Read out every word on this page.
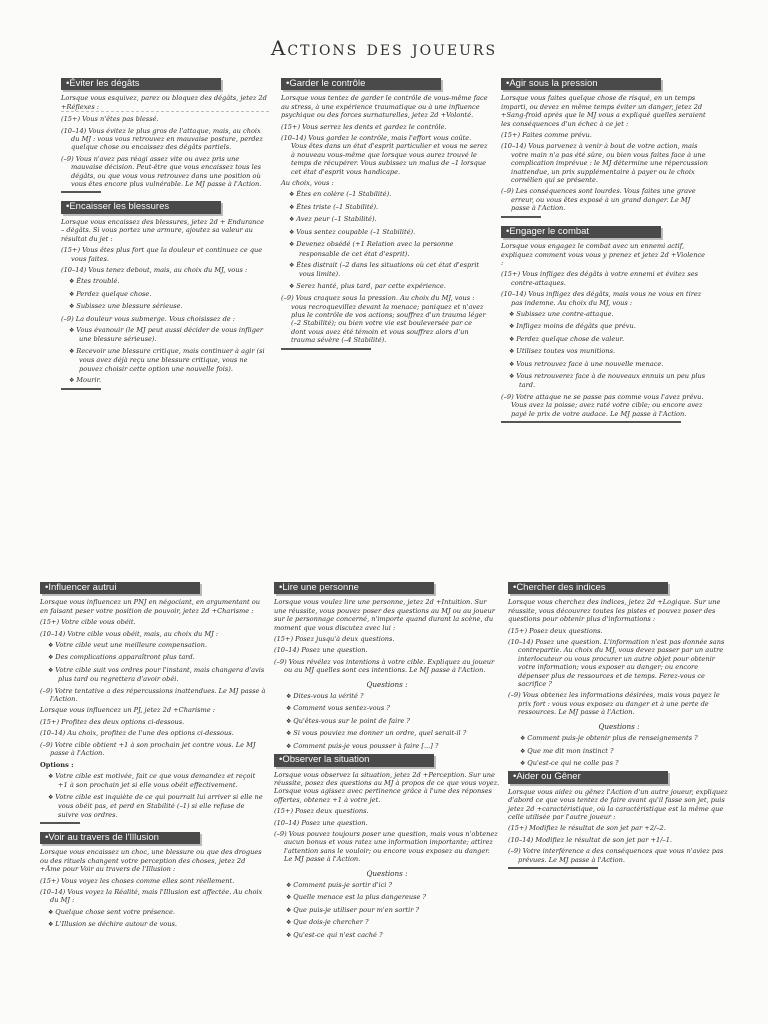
Actions des joueurs
•Éviter les dégâts
Lorsque vous esquivez, parez ou bloquez des dégâts, jetez 2d +Réflexes :
(15+) Vous n'êtes pas blessé.
(10–14) Vous évitez le plus gros de l'attaque, mais, au choix du MJ : vous vous retrouvez en mauvaise posture, perdez quelque chose ou encaissez des dégâts partiels.
(–9) Vous n'avez pas réagi assez vite ou avez pris une mauvaise décision. Peut-être que vous encaissez tous les dégâts, ou que vous vous retrouvez dans une position où vous êtes encore plus vulnérable. Le MJ passe à l'Action.
•Encaisser les blessures
Lorsque vous encaissez des blessures, jetez 2d + Endurance – dégâts. Si vous portez une armure, ajoutez sa valeur au résultat du jet :
(15+) Vous êtes plus fort que la douleur et continuez ce que vous faites.
(10–14) Vous tenez debout, mais, au choix du MJ, vous :
❖ Êtes troublé.
❖ Perdez quelque chose.
❖ Subissez une blessure sérieuse.
(–9) La douleur vous submerge. Vous choisissez de :
❖ Vous évanouir (le MJ peut aussi décider de vous infliger une blessure sérieuse).
❖ Recevoir une blessure critique, mais continuer à agir (si vous avez déjà reçu une blessure critique, vous ne pouvez choisir cette option une nouvelle fois).
❖ Mourir.
•Garder le contrôle
Lorsque vous tentez de garder le contrôle de vous-même face au stress, à une expérience traumatique ou à une influence psychique ou des forces surnaturelles, jetez 2d +Volonté.
(15+) Vous serrez les dents et gardez le contrôle.
(10–14) Vous gardez le contrôle, mais l'effort vous coûte. Vous êtes dans un état d'esprit particulier et vous ne serez à nouveau vous-même que lorsque vous aurez trouvé le temps de récupérer. Vous subissez un malus de –1 lorsque cet état d'esprit vous handicape.
Au choix, vous :
❖ Êtes en colère (–1 Stabilité).
❖ Êtes triste (–1 Stabilité).
❖ Avez peur (–1 Stabilité).
❖ Vous sentez coupable (–1 Stabilité).
❖ Devenez obsédé (+1 Relation avec la personne responsable de cet état d'esprit).
❖ Êtes distrait (–2 dans les situations où cet état d'esprit vous limite).
❖ Serez hanté, plus tard, par cette expérience.
(–9) Vous craquez sous la pression. Au choix du MJ, vous : vous recroquevillez devant la menace; paniquez et n'avez plus le contrôle de vos actions; souffrez d'un trauma léger (–2 Stabilité); ou bien votre vie est bouleversée par ce dont vous avez été témoin et vous souffrez alors d'un trauma sévère (–4 Stabilité).
•Agir sous la pression
Lorsque vous faites quelque chose de risqué, en un temps imparti, ou devez en même temps éviter un danger, jetez 2d +Sang-froid après que le MJ vous a expliqué quelles seraient les conséquences d'un échec à ce jet :
(15+) Faites comme prévu.
(10–14) Vous parvenez à venir à bout de votre action, mais votre main n'a pas été sûre, ou bien vous faites face à une complication imprévue : le MJ détermine une répercussion inattendue, un prix supplémentaire à payer ou le choix cornélien qui se présente.
(–9) Les conséquences sont lourdes. Vous faites une grave erreur, ou vous êtes exposé à un grand danger. Le MJ passe à l'Action.
•Engager le combat
Lorsque vous engagez le combat avec un ennemi actif, expliquez comment vous vous y prenez et jetez 2d +Violence :
(15+) Vous infligez des dégâts à votre ennemi et évitez ses contre-attaques.
(10–14) Vous infligez des dégâts, mais vous ne vous en tirez pas indemne. Au choix du MJ, vous :
❖ Subissez une contre-attaque.
❖ Infligez moins de dégâts que prévu.
❖ Perdez quelque chose de valeur.
❖ Utilisez toutes vos munitions.
❖ Vous retrouvez face à une nouvelle menace.
❖ Vous retrouverez face à de nouveaux ennuis un peu plus tard.
(–9) Votre attaque ne se passe pas comme vous l'avez prévu. Vous avez la poisse; avez raté votre cible; ou encore avez payé le prix de votre audace. Le MJ passe à l'Action.
•Influencer autrui
Lorsque vous influencez un PNJ en négociant, en argumentant ou en faisant peser votre position de pouvoir, jetez 2d +Charisme :
(15+) Votre cible vous obéit.
(10–14) Votre cible vous obéit, mais, au choix du MJ :
❖ Votre cible veut une meilleure compensation.
❖ Des complications apparaîtront plus tard.
❖ Votre cible suit vos ordres pour l'instant, mais changera d'avis plus tard ou regrettera d'avoir obéi.
(–9) Votre tentative a des répercussions inattendues. Le MJ passe à l'Action.
Lorsque vous influencez un PJ, jetez 2d +Charisme :
(15+) Profitez des deux options ci-dessous.
(10–14) Au choix, profitez de l'une des options ci-dessous.
(–9) Votre cible obtient +1 à son prochain jet contre vous. Le MJ passe à l'Action.
Options :
❖ Votre cible est motivée, fait ce que vous demandez et reçoit +1 à son prochain jet si elle vous obéit effectivement.
❖ Votre cible est inquiète de ce qui pourrait lui arriver si elle ne vous obéit pas, et perd en Stabilité (–1) si elle refuse de suivre vos ordres.
•Voir au travers de l'Illusion
Lorsque vous encaissez un choc, une blessure ou que des drogues ou des rituels changent votre perception des choses, jetez 2d +Âme pour Voir au travers de l'Illusion :
(15+) Vous voyez les choses comme elles sont réellement.
(10–14) Vous voyez la Réalité, mais l'Illusion est affectée. Au choix du MJ :
❖ Quelque chose sent votre présence.
❖ L'Illusion se déchire autour de vous.
•Lire une personne
Lorsque vous voulez lire une personne, jetez 2d +Intuition. Sur une réussite, vous pouvez poser des questions au MJ ou au joueur sur le personnage concerné, n'importe quand durant la scène, du moment que vous discutez avec lui :
(15+) Posez jusqu'à deux questions.
(10–14) Posez une question.
(–9) Vous révélez vos intentions à votre cible. Expliquez au joueur ou au MJ quelles sont ces intentions. Le MJ passe à l'Action.
Questions :
❖ Dites-vous la vérité ?
❖ Comment vous sentez-vous ?
❖ Qu'êtes-vous sur le point de faire ?
❖ Si vous pouviez me donner un ordre, quel serait-il ?
❖ Comment puis-je vous pousser à faire [...] ?
•Observer la situation
Lorsque vous observez la situation, jetez 2d +Perception. Sur une réussite, posez des questions au MJ à propos de ce que vous voyez. Lorsque vous agissez avec pertinence grâce à l'une des réponses offertes, obtenez +1 à votre jet.
(15+) Posez deux questions.
(10–14) Posez une question.
(–9) Vous pouvez toujours poser une question, mais vous n'obtenez aucun bonus et vous ratez une information importante; attirez l'attention sans le vouloir; ou encore vous exposez au danger. Le MJ passe à l'Action.
Questions :
❖ Comment puis-je sortir d'ici ?
❖ Quelle menace est la plus dangereuse ?
❖ Que puis-je utiliser pour m'en sortir ?
❖ Que dois-je chercher ?
❖ Qu'est-ce qui n'est caché ?
•Chercher des indices
Lorsque vous cherchez des indices, jetez 2d +Logique. Sur une réussite, vous découvrez toutes les pistes et pouvez poser des questions pour obtenir plus d'informations :
(15+) Posez deux questions.
(10–14) Posez une question. L'information n'est pas donnée sans contrepartie. Au choix du MJ, vous devez passer par un autre interlocuteur ou vous procurer un autre objet pour obtenir votre information; vous exposer au danger; ou encore dépenser plus de ressources et de temps. Ferez-vous ce sacrifice ?
(–9) Vous obtenez les informations désirées, mais vous payez le prix fort : vous vous exposez au danger et à une perte de ressources. Le MJ passe à l'Action.
Questions :
❖ Comment puis-je obtenir plus de renseignements ?
❖ Que me dit mon instinct ?
❖ Qu'est-ce qui ne colle pas ?
•Aider ou Gêner
Lorsque vous aidez ou gênez l'Action d'un autre joueur, expliquez d'abord ce que vous tentez de faire avant qu'il fasse son jet, puis jetez 2d +caractéristique, où la caractéristique est la même que celle utilisée par l'autre joueur :
(15+) Modifiez le résultat de son jet par +2/–2.
(10–14) Modifiez le résultat de son jet par +1/–1.
(–9) Votre interférence a des conséquences que vous n'aviez pas prévues. Le MJ passe à l'Action.
